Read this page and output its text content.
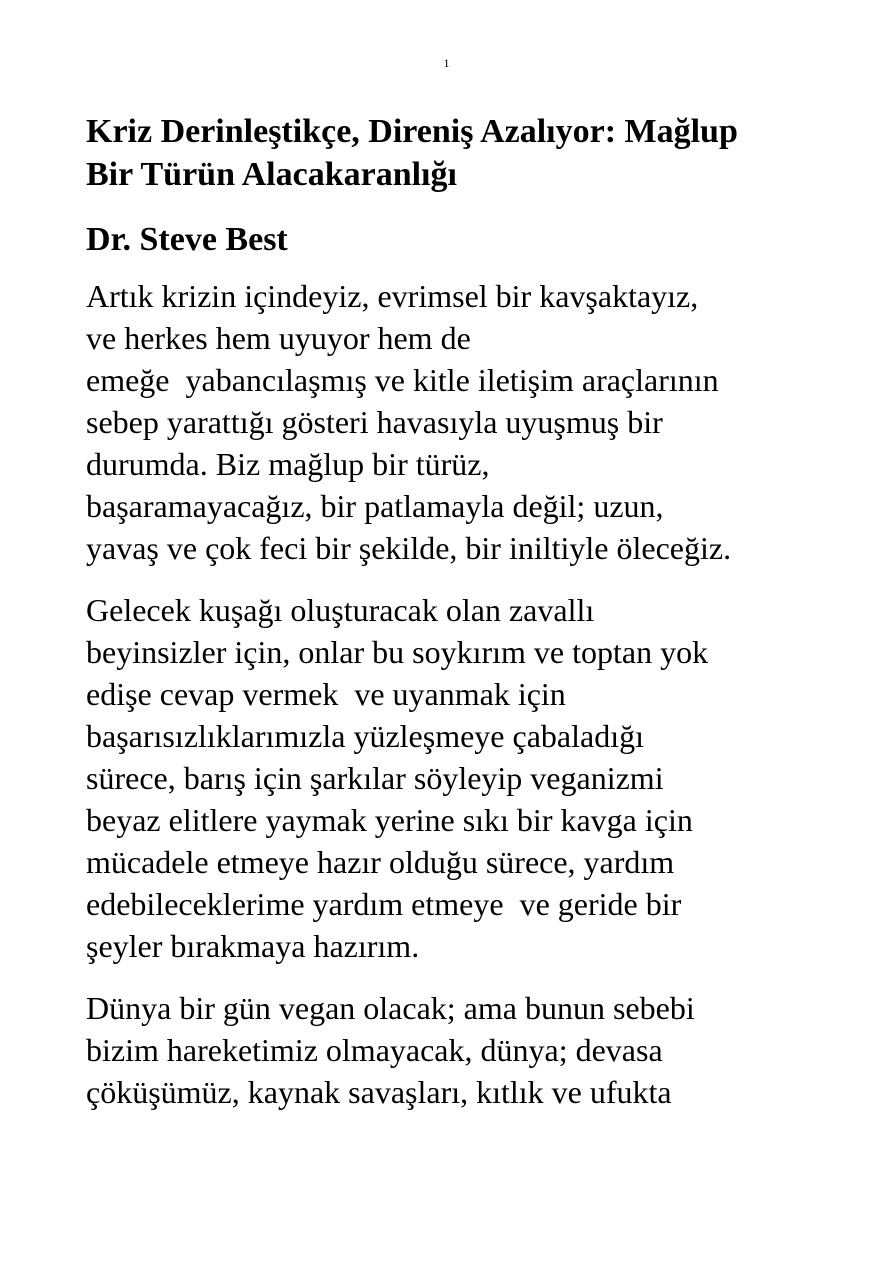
1
Kriz Derinleştikçe, Direniş Azalıyor: Mağlup
Bir Türün Alacakaranlığı
Dr. Steve Best

Artık krizin içindeyiz, evrimsel bir kavşaktayız,
ve herkes hem uyuyor hem de
emeğe  yabancılaşmış ve kitle iletişim araçlarının
sebep yarattığı gösteri havasıyla uyuşmuş bir
durumda. Biz mağlup bir türüz,
başaramayacağız, bir patlamayla değil; uzun,
yavaş ve çok feci bir şekilde, bir iniltiyle öleceğiz.

Gelecek kuşağı oluşturacak olan zavallı
beyinsizler için, onlar bu soykırım ve toptan yok
edişe cevap vermek  ve uyanmak için
başarısızlıklarımızla yüzleşmeye çabaladığı
sürece, barış için şarkılar söyleyip veganizmi
beyaz elitlere yaymak yerine sıkı bir kavga için
mücadele etmeye hazır olduğu sürece, yardım
edebileceklerime yardım etmeye  ve geride bir
şeyler bırakmaya hazırım.

Dünya bir gün vegan olacak; ama bunun sebebi
bizim hareketimiz olmayacak, dünya; devasa
çöküşümüz, kaynak savaşları, kıtlık ve ufukta
